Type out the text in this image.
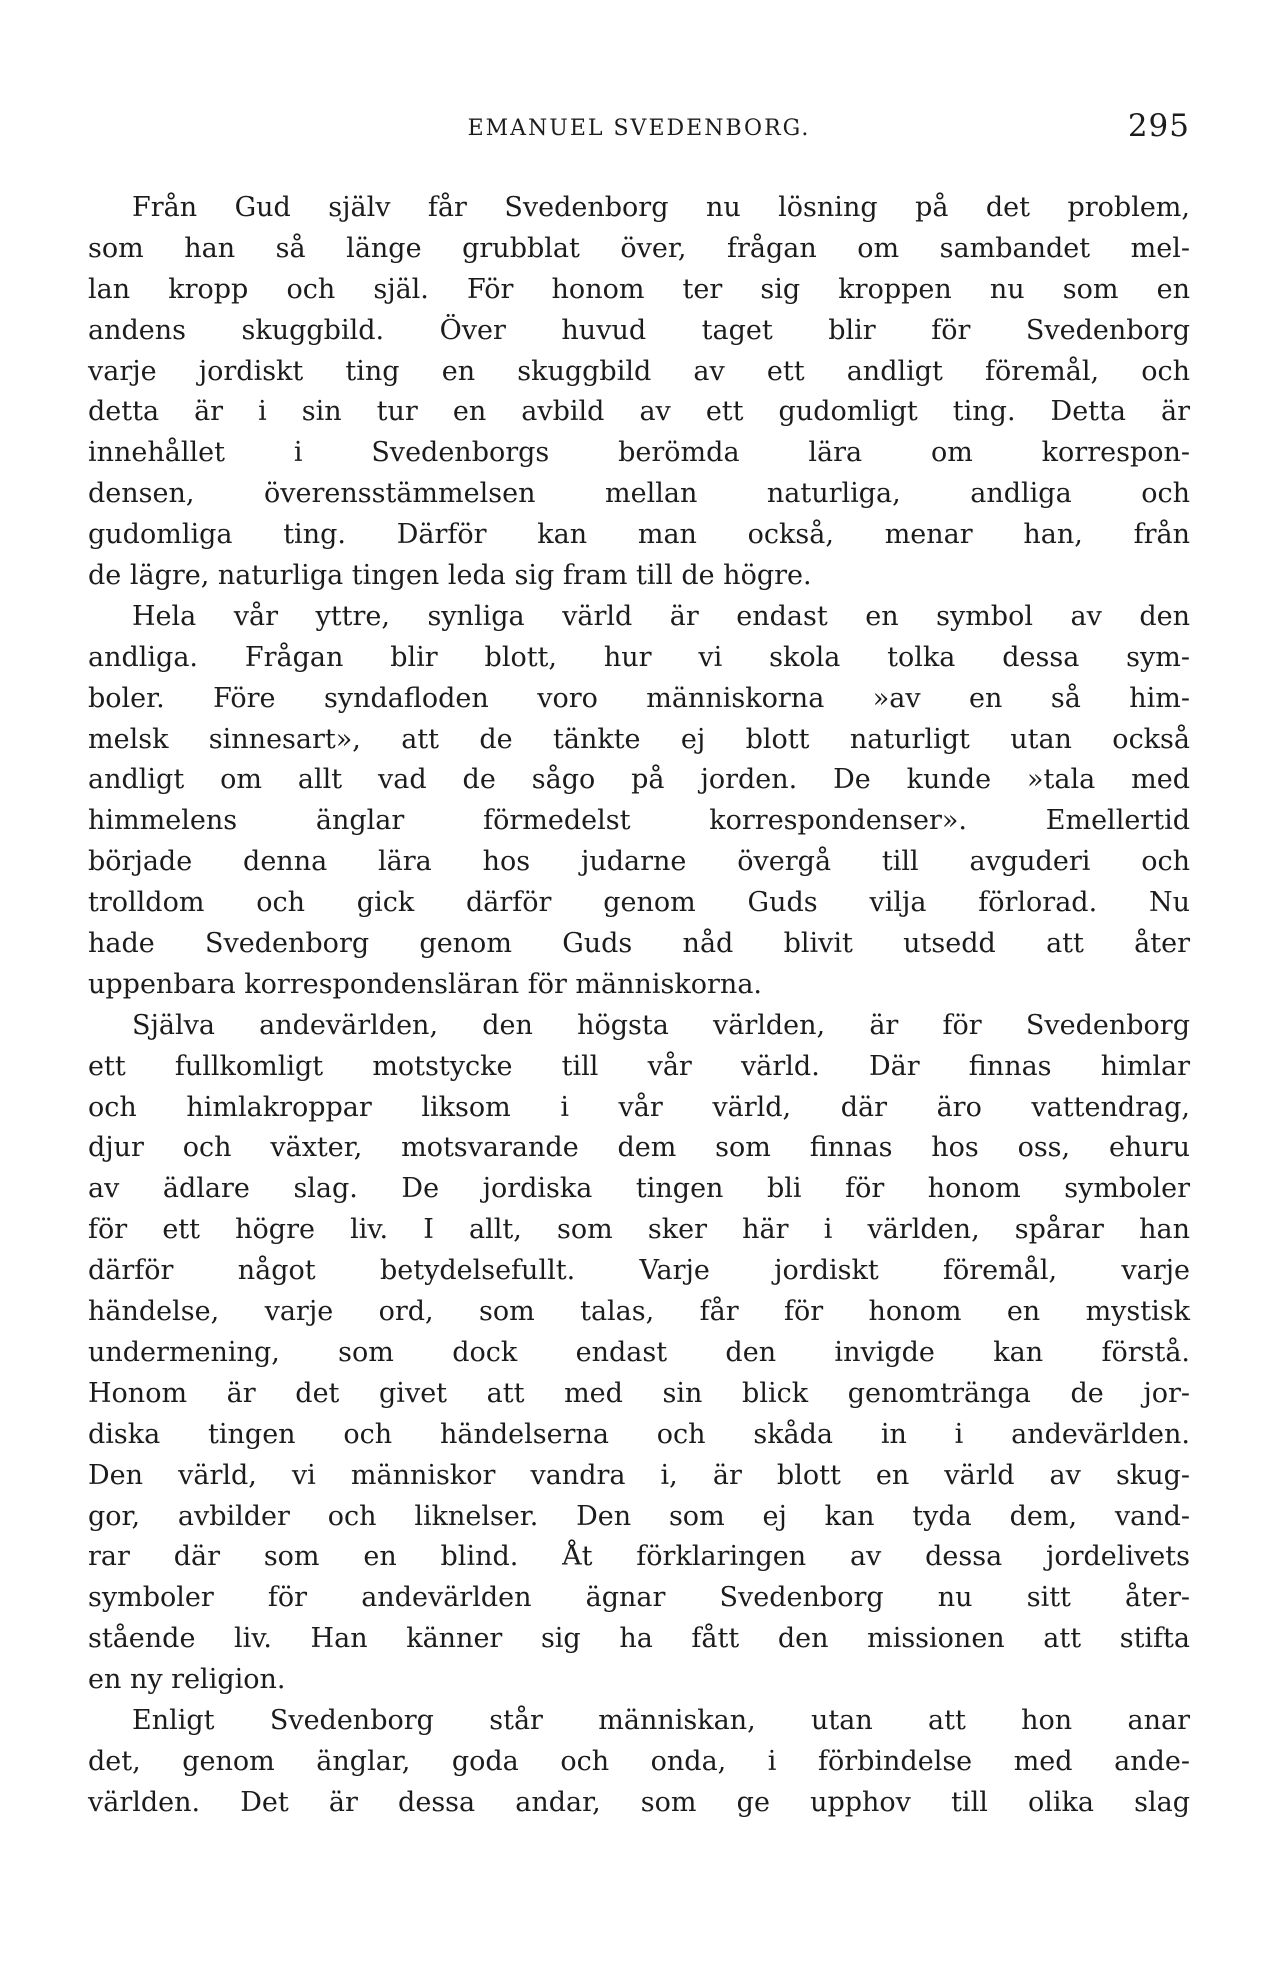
EMANUEL SVEDENBORG.	295
Från Gud själv får Svedenborg nu lösning på det problem,
som han så länge grubblat över, frågan om sambandet mel-
lan kropp och själ. För honom ter sig kroppen nu som en
andens skuggbild. Över huvud taget blir för Svedenborg
varje jordiskt ting en skuggbild av ett andligt föremål, och
detta är i sin tur en avbild av ett gudomligt ting. Detta är
innehållet i Svedenborgs berömda lära om korrespon-
densen, överensstämmelsen mellan naturliga, andliga och
gudomliga ting. Därför kan man också, menar han, från
de lägre, naturliga tingen leda sig fram till de högre.
Hela vår yttre, synliga värld är endast en symbol av den
andliga. Frågan blir blott, hur vi skola tolka dessa sym-
boler. Före syndafloden voro människorna »av en så him-
melsk sinnesart», att de tänkte ej blott naturligt utan också
andligt om allt vad de sågo på jorden. De kunde »tala med
himmelens änglar förmedelst korrespondenser». Emellertid
började denna lära hos judarne övergå till avguderi och
trolldom och gick därför genom Guds vilja förlorad. Nu
hade Svedenborg genom Guds nåd blivit utsedd att åter
uppenbara korrespondensläran för människorna.
Själva andevärlden, den högsta världen, är för Svedenborg
ett fullkomligt motstycke till vår värld. Där finnas himlar
och himlakroppar liksom i vår värld, där äro vattendrag,
djur och växter, motsvarande dem som finnas hos oss, ehuru
av ädlare slag. De jordiska tingen bli för honom symboler
för ett högre liv. I allt, som sker här i världen, spårar han
därför något betydelsefullt. Varje jordiskt föremål, varje
händelse, varje ord, som talas, får för honom en mystisk
undermening, som dock endast den invigde kan förstå.
Honom är det givet att med sin blick genomtränga de jor-
diska tingen och händelserna och skåda in i andevärlden.
Den värld, vi människor vandra i, är blott en värld av skug-
gor, avbilder och liknelser. Den som ej kan tyda dem, vand-
rar där som en blind. Åt förklaringen av dessa jordelivets
symboler för andevärlden ägnar Svedenborg nu sitt åter-
stående liv. Han känner sig ha fått den missionen att stifta
en ny religion.
Enligt Svedenborg står människan, utan att hon anar
det, genom änglar, goda och onda, i förbindelse med ande-
världen. Det är dessa andar, som ge upphov till olika slag
